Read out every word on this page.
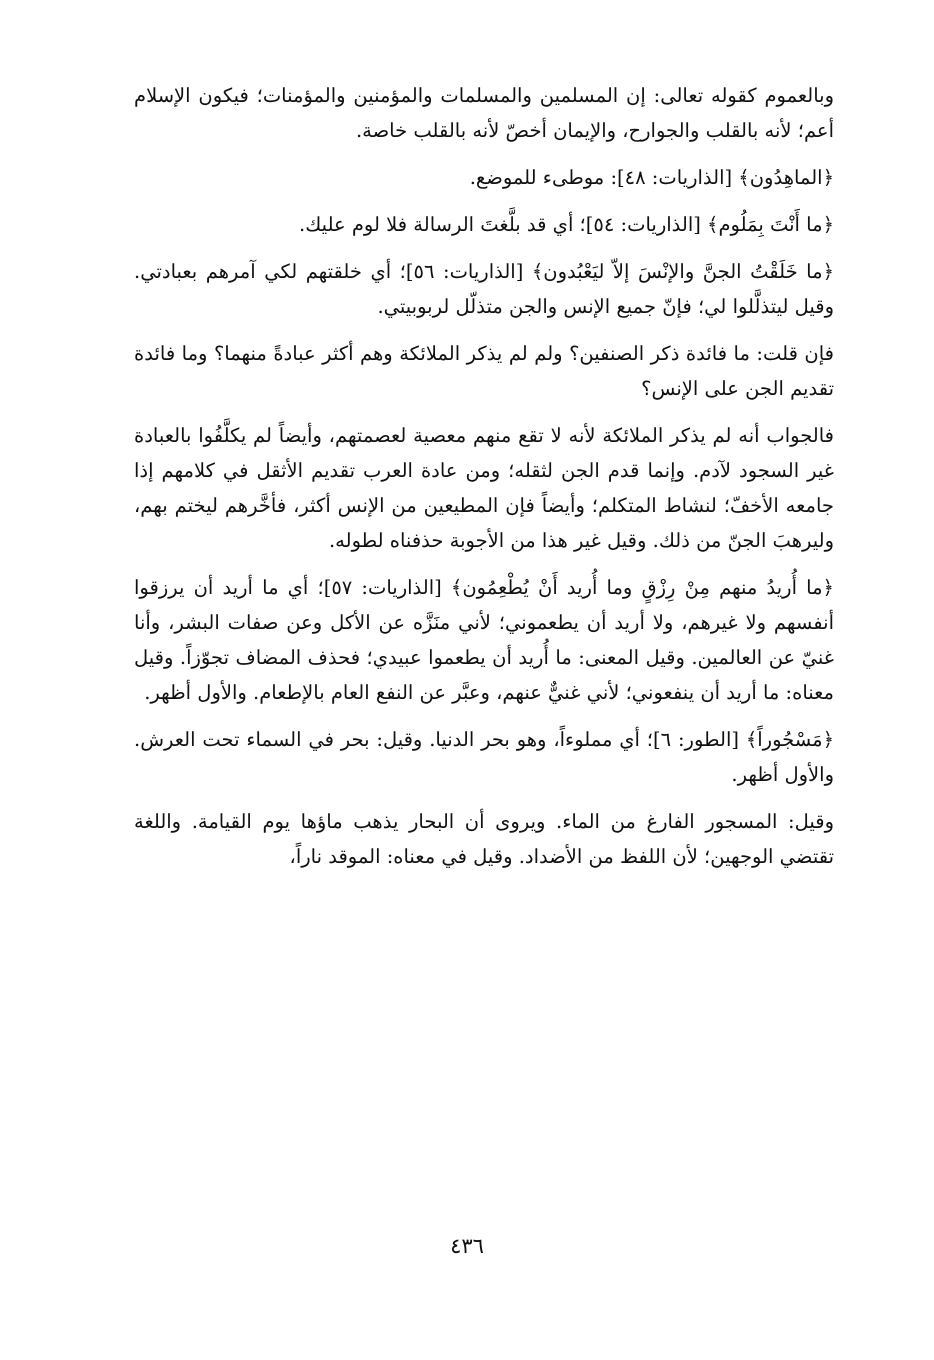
وبالعموم كقوله تعالى: إن المسلمين والمسلمات والمؤمنين والمؤمنات؛ فيكون الإسلام أعم؛ لأنه بالقلب والجوارح، والإيمان أخصّ لأنه بالقلب خاصة.

﴿الماهِدُون﴾ [الذاريات: ٤٨]: موطىء للموضع.

﴿ما أَنْتَ بِمَلُوم﴾ [الذاريات: ٥٤]؛ أي قد بلَّغتَ الرسالة فلا لوم عليك.

﴿ما خَلَقْتُ الجنَّ والإنْسَ إلاّ ليَعْبُدون﴾ [الذاريات: ٥٦]؛ أي خلقتهم لكي آمرهم بعبادتي. وقيل ليتذلَّلوا لي؛ فإنّ جميع الإنس والجن متذلّل لربوبيتي.

فإن قلت: ما فائدة ذكر الصنفين؟ ولم لم يذكر الملائكة وهم أكثر عبادةً منهما؟ وما فائدة تقديم الجن على الإنس؟

فالجواب أنه لم يذكر الملائكة لأنه لا تقع منهم معصية لعصمتهم، وأيضاً لم يكلَّفُوا بالعبادة غير السجود لآدم. وإنما قدم الجن لثقله؛ ومن عادة العرب تقديم الأثقل في كلامهم إذا جامعه الأخفّ؛ لنشاط المتكلم؛ وأيضاً فإن المطيعين من الإنس أكثر، فأخَّرهم ليختم بهم، وليرهبَ الجنّ من ذلك. وقيل غير هذا من الأجوبة حذفناه لطوله.

﴿ما أُريدُ منهم مِنْ رِزْقٍ وما أُريد أَنْ يُطْعِمُون﴾ [الذاريات: ٥٧]؛ أي ما أريد أن يرزقوا أنفسهم ولا غيرهم، ولا أريد أن يطعموني؛ لأني منَزَّه عن الأكل وعن صفات البشر، وأنا غنيّ عن العالمين. وقيل المعنى: ما أُريد أن يطعموا عبيدي؛ فحذف المضاف تجوّزاً. وقيل معناه: ما أريد أن ينفعوني؛ لأني غنيٌّ عنهم، وعبَّر عن النفع العام بالإطعام. والأول أظهر.

﴿مَسْجُوراً﴾ [الطور: ٦]؛ أي مملوءاً، وهو بحر الدنيا. وقيل: بحر في السماء تحت العرش. والأول أظهر.

وقيل: المسجور الفارغ من الماء. ويروى أن البحار يذهب ماؤها يوم القيامة. واللغة تقتضي الوجهين؛ لأن اللفظ من الأضداد. وقيل في معناه: الموقد ناراً،

٤٣٦
